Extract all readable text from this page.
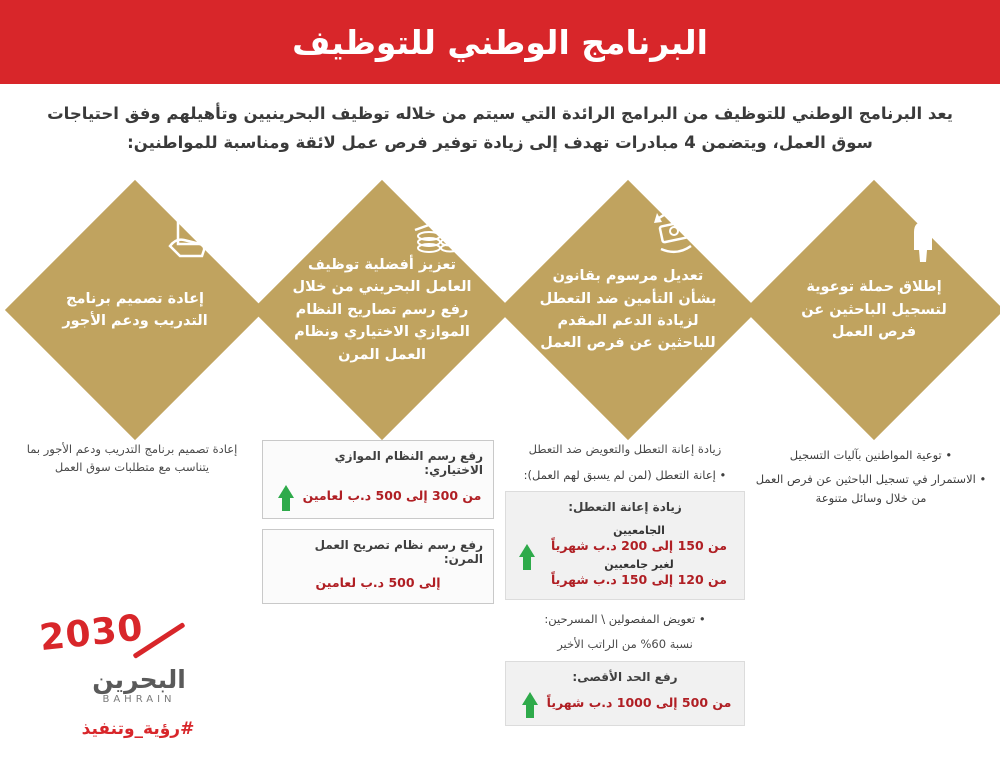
البرنامج الوطني للتوظيف
يعد البرنامج الوطني للتوظيف من البرامج الرائدة التي سيتم من خلاله توظيف البحرينيين وتأهيلهم وفق احتياجات سوق العمل، ويتضمن 4 مبادرات تهدف إلى زيادة توفير فرص عمل لائقة ومناسبة للمواطنين:
إعادة تصميم برنامج التدريب ودعم الأجور
تعزيز أفضلية توظيف العامل البحريني من خلال رفع رسم تصاريح النظام الموازي الاختياري ونظام العمل المرن
تعديل مرسوم بقانون بشأن التأمين ضد التعطل لزيادة الدعم المقدم للباحثين عن فرص العمل
إطلاق حملة توعوية لتسجيل الباحثين عن فرص العمل
إعادة تصميم برنامج التدريب ودعم الأجور بما يتناسب مع متطلبات سوق العمل
رفع رسم النظام الموازي الاختياري:
من 300 إلى 500 د.ب لعامين
رفع رسم نظام تصريح العمل المرن:
إلى 500 د.ب لعامين
زيادة إعانة التعطل والتعويض ضد التعطل
• إعانة التعطل (لمن لم يسبق لهم العمل):
زيادة إعانة التعطل:
الجامعيين
من 150 إلى 200 د.ب شهرياً
لغير جامعيين
من 120 إلى 150 د.ب شهرياً
• تعويض المفصولين \ المسرحين:
نسبة 60% من الراتب الأخير
رفع الحد الأقصى:
من 500 إلى 1000 د.ب شهرياً
• توعية المواطنين بآليات التسجيل
• الاستمرار في تسجيل الباحثين عن فرص العمل من خلال وسائل متنوعة
2030
البحرين
BAHRAIN
#رؤية_وتنفيذ
